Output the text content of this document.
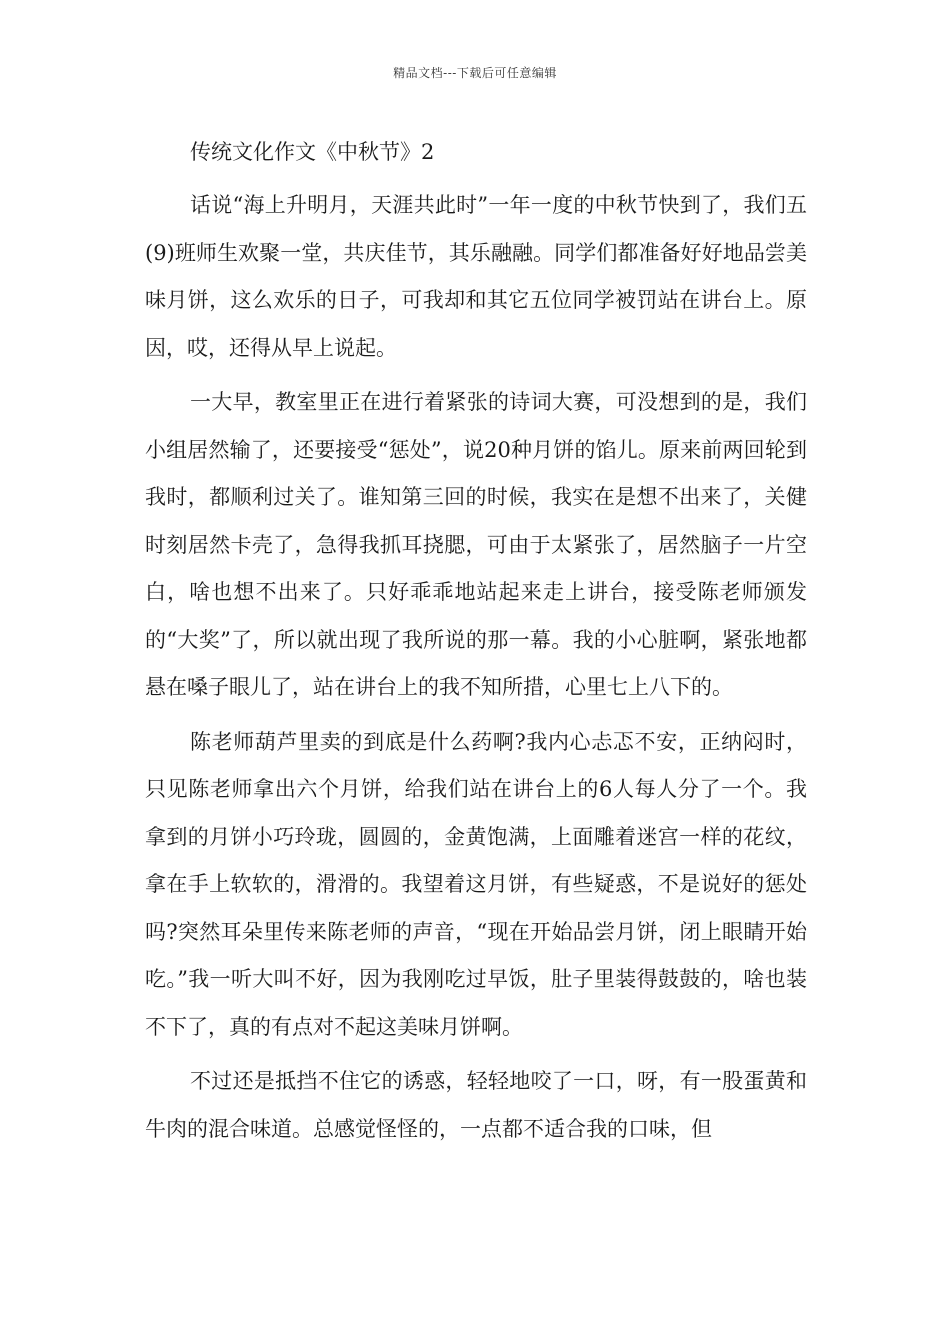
精品文档---下载后可任意编辑
传统文化作文《中秋节》2

话说“海上升明月，天涯共此时”一年一度的中秋节快到了，我们五(9)班师生欢聚一堂，共庆佳节，其乐融融。同学们都准备好好地品尝美味月饼，这么欢乐的日子，可我却和其它五位同学被罚站在讲台上。原因，哎，还得从早上说起。

一大早，教室里正在进行着紧张的诗词大赛，可没想到的是，我们小组居然输了，还要接受“惩处”，说20种月饼的馅儿。原来前两回轮到我时，都顺利过关了。谁知第三回的时候，我实在是想不出来了，关健时刻居然卡壳了，急得我抓耳挠腮，可由于太紧张了，居然脑子一片空白，啥也想不出来了。只好乖乖地站起来走上讲台，接受陈老师颁发的“大奖”了，所以就出现了我所说的那一幕。我的小心脏啊，紧张地都悬在嗓子眼儿了，站在讲台上的我不知所措，心里七上八下的。

陈老师葫芦里卖的到底是什么药啊?我内心忐忑不安，正纳闷时，只见陈老师拿出六个月饼，给我们站在讲台上的6人每人分了一个。我拿到的月饼小巧玲珑，圆圆的，金黄饱满，上面雕着迷宫一样的花纹，拿在手上软软的，滑滑的。我望着这月饼，有些疑惑，不是说好的惩处吗?突然耳朵里传来陈老师的声音，“现在开始品尝月饼，闭上眼睛开始吃。”我一听大叫不好，因为我刚吃过早饭，肚子里装得鼓鼓的，啥也装不下了，真的有点对不起这美味月饼啊。

不过还是抵挡不住它的诱惑，轻轻地咬了一口，呀，有一股蛋黄和牛肉的混合味道。总感觉怪怪的，一点都不适合我的口味，但
